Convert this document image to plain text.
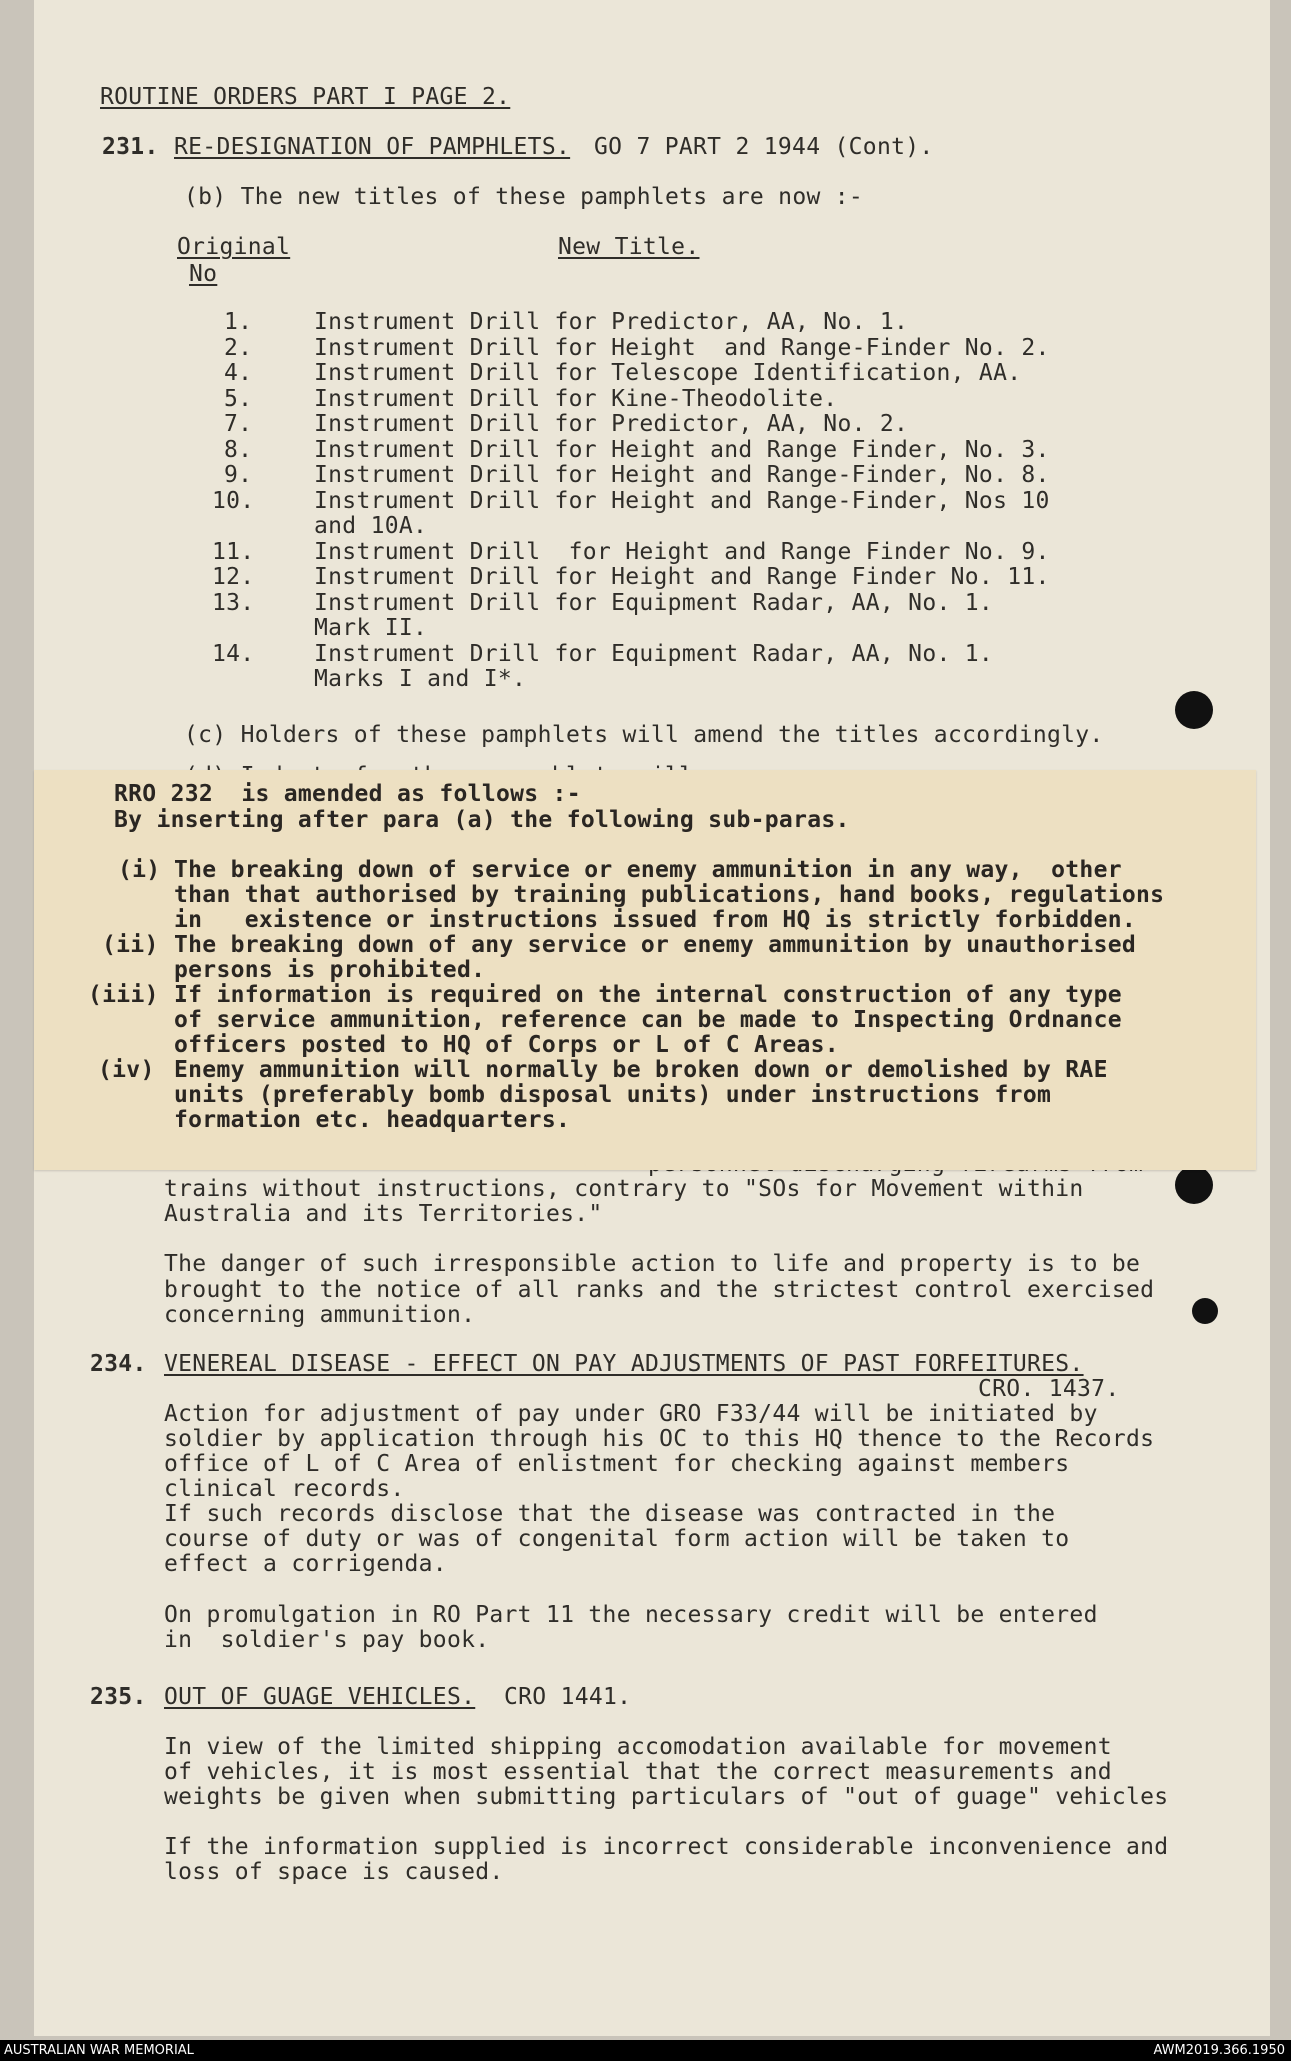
ROUTINE ORDERS PART I PAGE 2.
231. RE-DESIGNATION OF PAMPHLETS. GO 7 PART 2 1944 (Cont).
(b) The new titles of these pamphlets are now :-
Original
No
New Title.
1.	Instrument Drill for Predictor, AA, No. 1.
2.	Instrument Drill for Height  and Range-Finder No. 2.
4.	Instrument Drill for Telescope Identification, AA.
5.	Instrument Drill for Kine-Theodolite.
7.	Instrument Drill for Predictor, AA, No. 2.
8.	Instrument Drill for Height and Range Finder, No. 3.
9.	Instrument Drill for Height and Range-Finder, No. 8.
10.	Instrument Drill for Height and Range-Finder, Nos 10
and 10A.
11.	Instrument Drill  for Height and Range Finder No. 9.
12.	Instrument Drill for Height and Range Finder No. 11.
13.	Instrument Drill for Equipment Radar, AA, No. 1.
Mark II.
14.	Instrument Drill for Equipment Radar, AA, No. 1.
Marks I and I*.
(c) Holders of these pamphlets will amend the titles accordingly.
trains without instructions, contrary to "SOs for Movement within
Australia and its Territories."
The danger of such irresponsible action to life and property is to be
brought to the notice of all ranks and the strictest control exercised
concerning ammunition.
234. VENEREAL DISEASE - EFFECT ON PAY ADJUSTMENTS OF PAST FORFEITURES.
CRO. 1437.
Action for adjustment of pay under GRO F33/44 will be initiated by
soldier by application through his OC to this HQ thence to the Records
office of L of C Area of enlistment for checking against members
clinical records.
If such records disclose that the disease was contracted in the
course of duty or was of congenital form action will be taken to
effect a corrigenda.
On promulgation in RO Part 11 the necessary credit will be entered
in  soldier's pay book.
235. OUT OF GUAGE VEHICLES. CRO 1441.
In view of the limited shipping accomodation available for movement
of vehicles, it is most essential that the correct measurements and
weights be given when submitting particulars of "out of guage" vehicles
If the information supplied is incorrect considerable inconvenience and
loss of space is caused.
RRO 232  is amended as follows :-
By inserting after para (a) the following sub-paras.
(i) The breaking down of service or enemy ammunition in any way,  other
than that authorised by training publications, hand books, regulations
in   existence or instructions issued from HQ is strictly forbidden.
(ii) The breaking down of any service or enemy ammunition by unauthorised
persons is prohibited.
(iii) If information is required on the internal construction of any type
of service ammunition, reference can be made to Inspecting Ordnance
officers posted to HQ of Corps or L of C Areas.
(iv) Enemy ammunition will normally be broken down or demolished by RAE
units (preferably bomb disposal units) under instructions from
formation etc. headquarters.
AUSTRALIAN WAR MEMORIAL	AWM2019.366.1950
